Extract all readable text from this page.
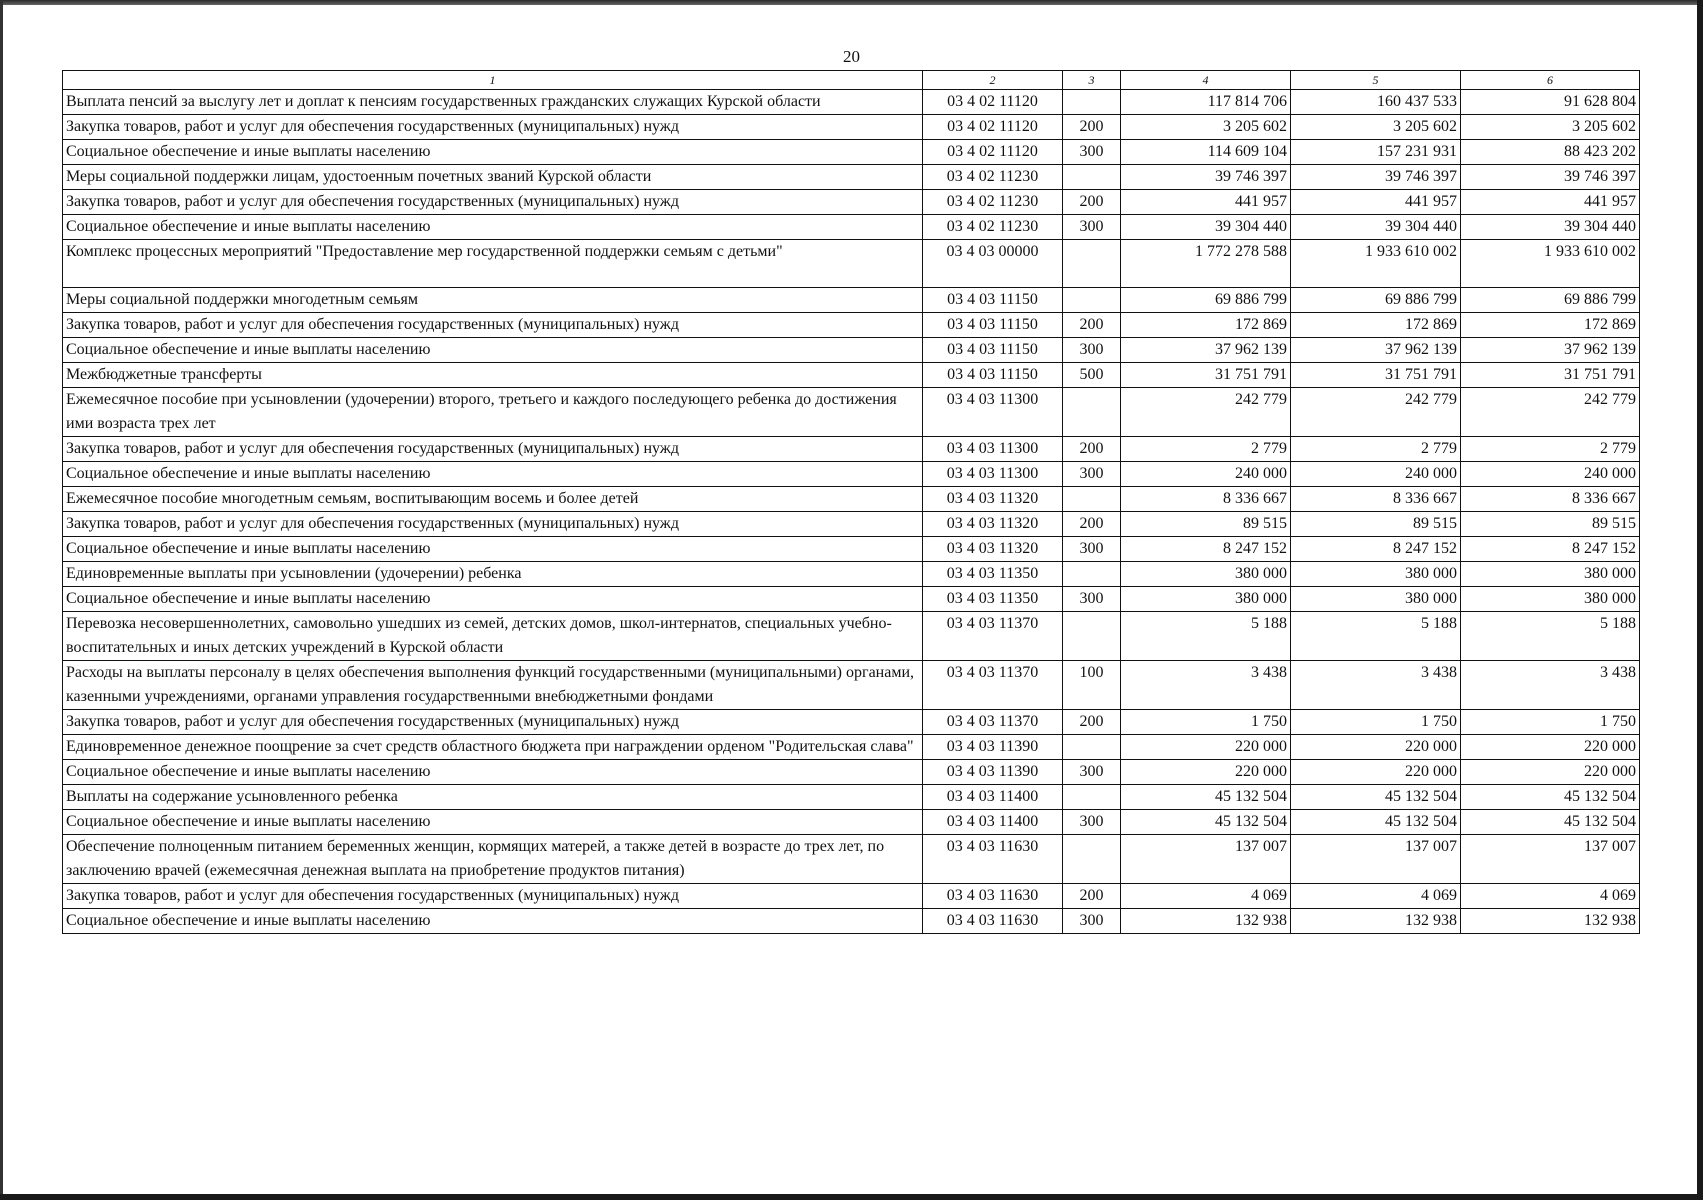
20
1	2	3	4	5	6
Выплата пенсий за выслугу лет и доплат к пенсиям государственных гражданских служащих Курской области	03 4 02 11120		117 814 706	160 437 533	91 628 804
Закупка товаров, работ и услуг для обеспечения государственных (муниципальных) нужд	03 4 02 11120	200	3 205 602	3 205 602	3 205 602
Социальное обеспечение и иные выплаты населению	03 4 02 11120	300	114 609 104	157 231 931	88 423 202
Меры социальной поддержки лицам, удостоенным почетных званий Курской области	03 4 02 11230		39 746 397	39 746 397	39 746 397
Закупка товаров, работ и услуг для обеспечения государственных (муниципальных) нужд	03 4 02 11230	200	441 957	441 957	441 957
Социальное обеспечение и иные выплаты населению	03 4 02 11230	300	39 304 440	39 304 440	39 304 440
Комплекс процессных мероприятий "Предоставление мер государственной поддержки семьям с детьми"	03 4 03 00000		1 772 278 588	1 933 610 002	1 933 610 002
Меры социальной поддержки многодетным семьям	03 4 03 11150		69 886 799	69 886 799	69 886 799
Закупка товаров, работ и услуг для обеспечения государственных (муниципальных) нужд	03 4 03 11150	200	172 869	172 869	172 869
Социальное обеспечение и иные выплаты населению	03 4 03 11150	300	37 962 139	37 962 139	37 962 139
Межбюджетные трансферты	03 4 03 11150	500	31 751 791	31 751 791	31 751 791
Ежемесячное пособие при усыновлении (удочерении) второго, третьего и каждого последующего ребенка до достижения ими возраста трех лет	03 4 03 11300		242 779	242 779	242 779
Закупка товаров, работ и услуг для обеспечения государственных (муниципальных) нужд	03 4 03 11300	200	2 779	2 779	2 779
Социальное обеспечение и иные выплаты населению	03 4 03 11300	300	240 000	240 000	240 000
Ежемесячное пособие многодетным семьям, воспитывающим восемь и более детей	03 4 03 11320		8 336 667	8 336 667	8 336 667
Закупка товаров, работ и услуг для обеспечения государственных (муниципальных) нужд	03 4 03 11320	200	89 515	89 515	89 515
Социальное обеспечение и иные выплаты населению	03 4 03 11320	300	8 247 152	8 247 152	8 247 152
Единовременные выплаты при усыновлении (удочерении) ребенка	03 4 03 11350		380 000	380 000	380 000
Социальное обеспечение и иные выплаты населению	03 4 03 11350	300	380 000	380 000	380 000
Перевозка несовершеннолетних, самовольно ушедших из семей, детских домов, школ-интернатов, специальных учебно-воспитательных и иных детских учреждений в Курской области	03 4 03 11370		5 188	5 188	5 188
Расходы на выплаты персоналу в целях обеспечения выполнения функций государственными (муниципальными) органами, казенными учреждениями, органами управления государственными внебюджетными фондами	03 4 03 11370	100	3 438	3 438	3 438
Закупка товаров, работ и услуг для обеспечения государственных (муниципальных) нужд	03 4 03 11370	200	1 750	1 750	1 750
Единовременное денежное поощрение за счет средств областного бюджета при награждении орденом "Родительская слава"	03 4 03 11390		220 000	220 000	220 000
Социальное обеспечение и иные выплаты населению	03 4 03 11390	300	220 000	220 000	220 000
Выплаты на содержание усыновленного ребенка	03 4 03 11400		45 132 504	45 132 504	45 132 504
Социальное обеспечение и иные выплаты населению	03 4 03 11400	300	45 132 504	45 132 504	45 132 504
Обеспечение полноценным питанием беременных женщин, кормящих матерей, а также детей в возрасте до трех лет, по заключению врачей (ежемесячная денежная выплата на приобретение продуктов питания)	03 4 03 11630		137 007	137 007	137 007
Закупка товаров, работ и услуг для обеспечения государственных (муниципальных) нужд	03 4 03 11630	200	4 069	4 069	4 069
Социальное обеспечение и иные выплаты населению	03 4 03 11630	300	132 938	132 938	132 938
